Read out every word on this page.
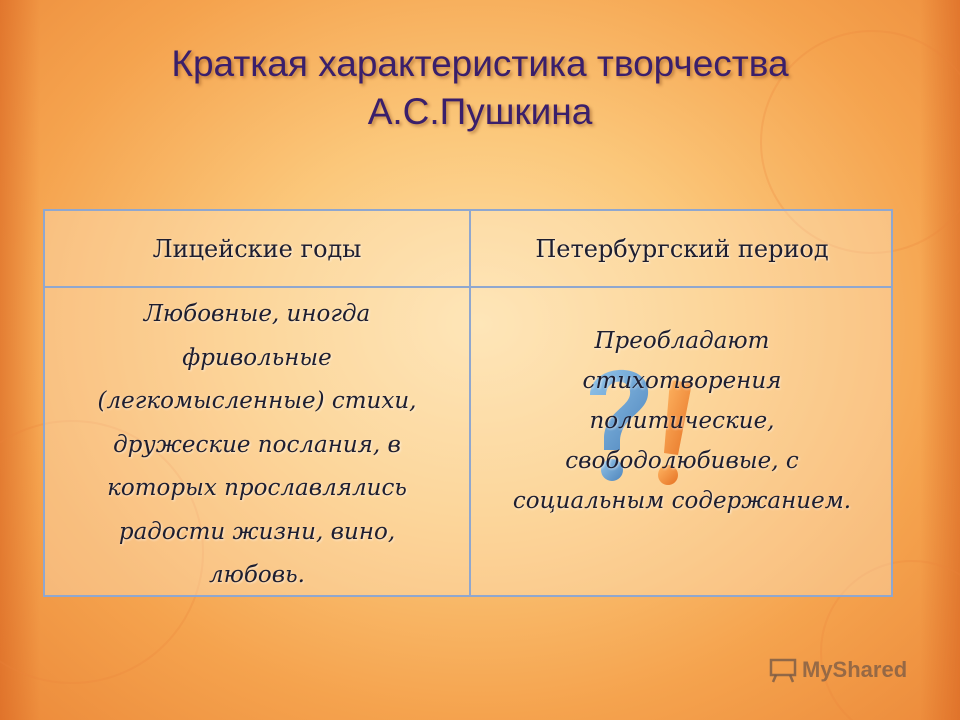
Краткая характеристика творчества
А.С.Пушкина
Лицейские годы	Петербургский период
Любовные, иногда
фривольные
(легкомысленные) стихи,
дружеские послания, в
которых прославлялись
радости жизни, вино,
любовь.
Преобладают
стихотворения
политические,
свободолюбивые, с
социальным содержанием.
MyShared
